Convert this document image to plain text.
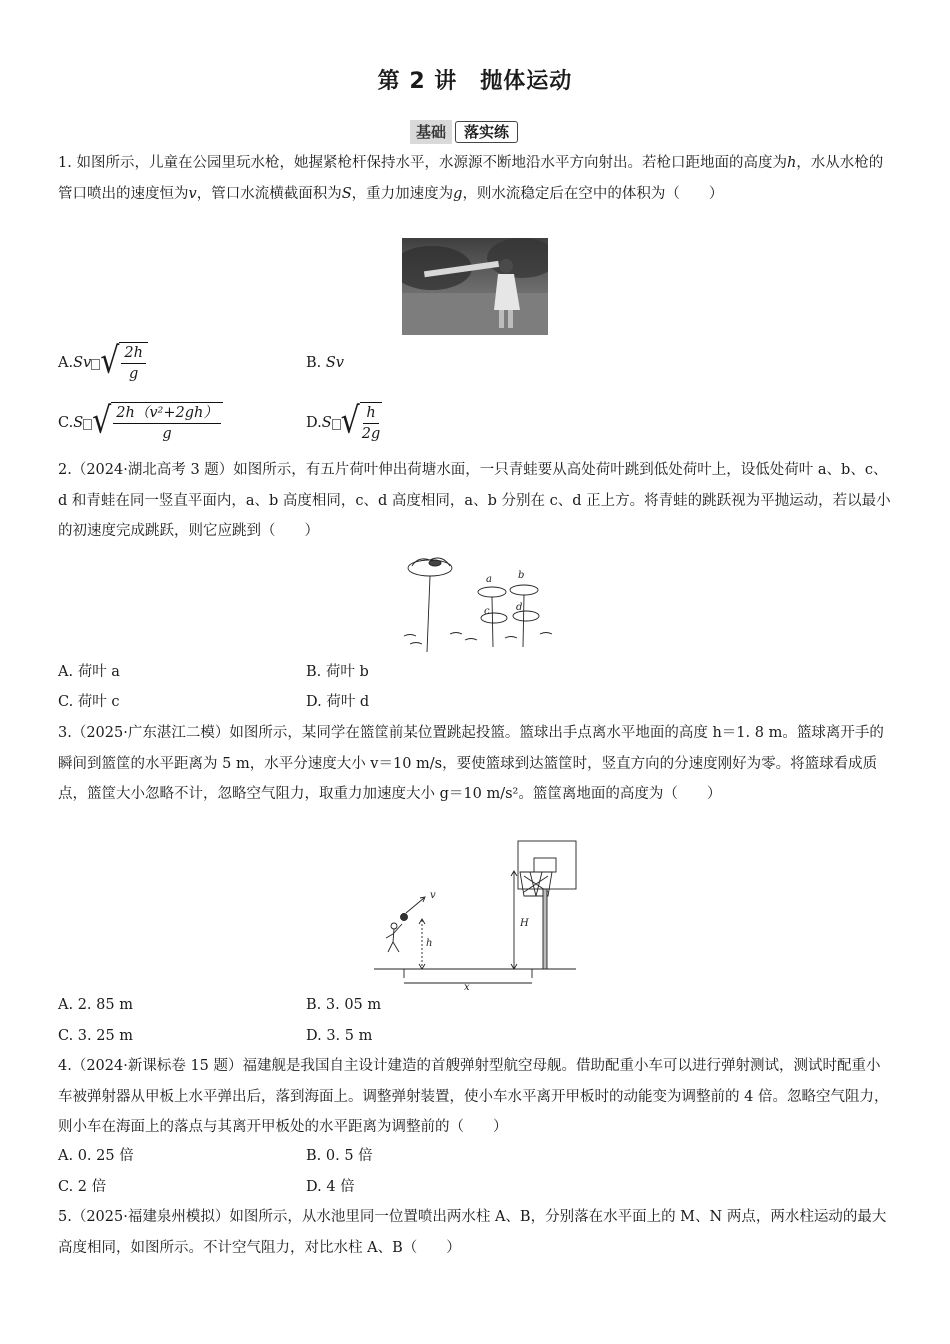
第 2 讲　抛体运动
基础	落实练
1. 如图所示，儿童在公园里玩水枪，她握紧枪杆保持水平，水源源不断地沿水平方向射出。若枪口距地面的高度为h，水从水枪的管口喷出的速度恒为v，管口水流横截面积为S，重力加速度为g，则水流稳定后在空中的体积为（　　）
A. Sv √ $\frac{2h}{g}$	B. Sv
C. S √ $\frac{\text{2h（v²+2gh）}}{g}$	D. S √ $\frac{h}{2g}$
2.（2024·湖北高考 3 题）如图所示，有五片荷叶伸出荷塘水面，一只青蛙要从高处荷叶跳到低处荷叶上，设低处荷叶 a、b、c、d 和青蛙在同一竖直平面内，a、b 高度相同，c、d 高度相同，a、b 分别在 c、d 正上方。将青蛙的跳跃视为平抛运动，若以最小的初速度完成跳跃，则它应跳到（　　）
a	b
c	d
A. 荷叶 a	B. 荷叶 b
C. 荷叶 c	D. 荷叶 d
3.（2025·广东湛江二模）如图所示，某同学在篮筐前某位置跳起投篮。篮球出手点离水平地面的高度 h＝1. 8 m。篮球离开手的瞬间到篮筐的水平距离为 5 m，水平分速度大小 v＝10 m/s，要使篮球到达篮筐时，竖直方向的分速度刚好为零。将篮球看成质点，篮筐大小忽略不计，忽略空气阻力，取重力加速度大小 g＝10 m/s²。篮筐离地面的高度为（　　）
v
h
H
x
A. 2. 85 m	B. 3. 05 m
C. 3. 25 m	D. 3. 5 m
4.（2024·新课标卷 15 题）福建舰是我国自主设计建造的首艘弹射型航空母舰。借助配重小车可以进行弹射测试，测试时配重小车被弹射器从甲板上水平弹出后，落到海面上。调整弹射装置，使小车水平离开甲板时的动能变为调整前的 4 倍。忽略空气阻力，则小车在海面上的落点与其离开甲板处的水平距离为调整前的（　　）
A. 0. 25 倍	B. 0. 5 倍
C. 2 倍	D. 4 倍
5.（2025·福建泉州模拟）如图所示，从水池里同一位置喷出两水柱 A、B，分别落在水平面上的 M、N 两点，两水柱运动的最大高度相同，如图所示。不计空气阻力，对比水柱 A、B（　　）
